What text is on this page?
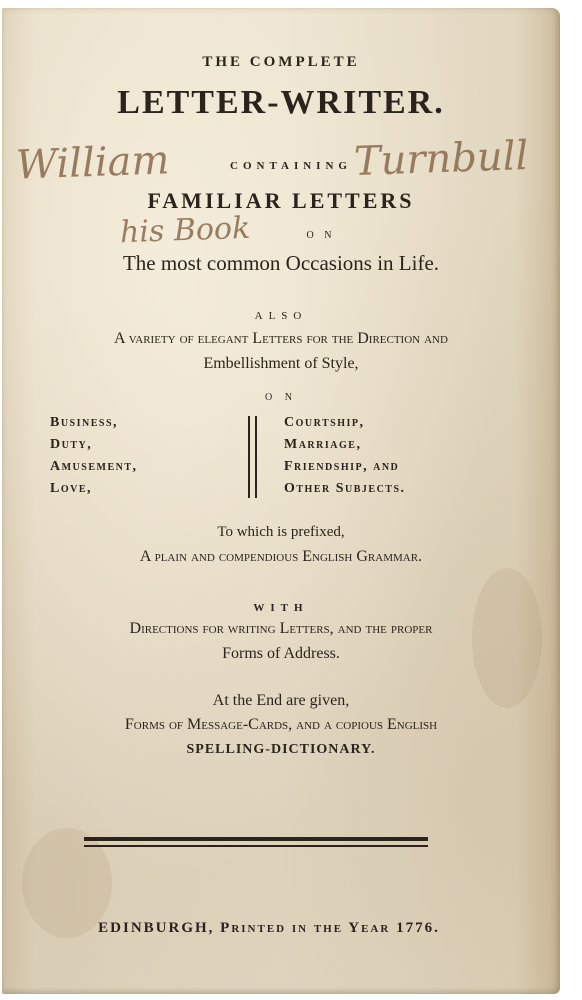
THE COMPLETE

LETTER-WRITER.

William	Turnbull

CONTAINING

FAMILIAR LETTERS

his Book	O N

The most common Occasions in Life.

ALSO

A variety of elegant Letters for the Direction and

Embellishment of Style,

O N

Business,
Duty,
Amusement,
Love,
Courtship,
Marriage,
Friendship, and
Other Subjects.

To which is prefixed,

A plain and compendious English Grammar.

WITH

Directions for writing Letters, and the proper

Forms of Address.

At the End are given,

Forms of Message-Cards, and a copious English

SPELLING-DICTIONARY.

EDINBURGH, Printed in the Year 1776.
